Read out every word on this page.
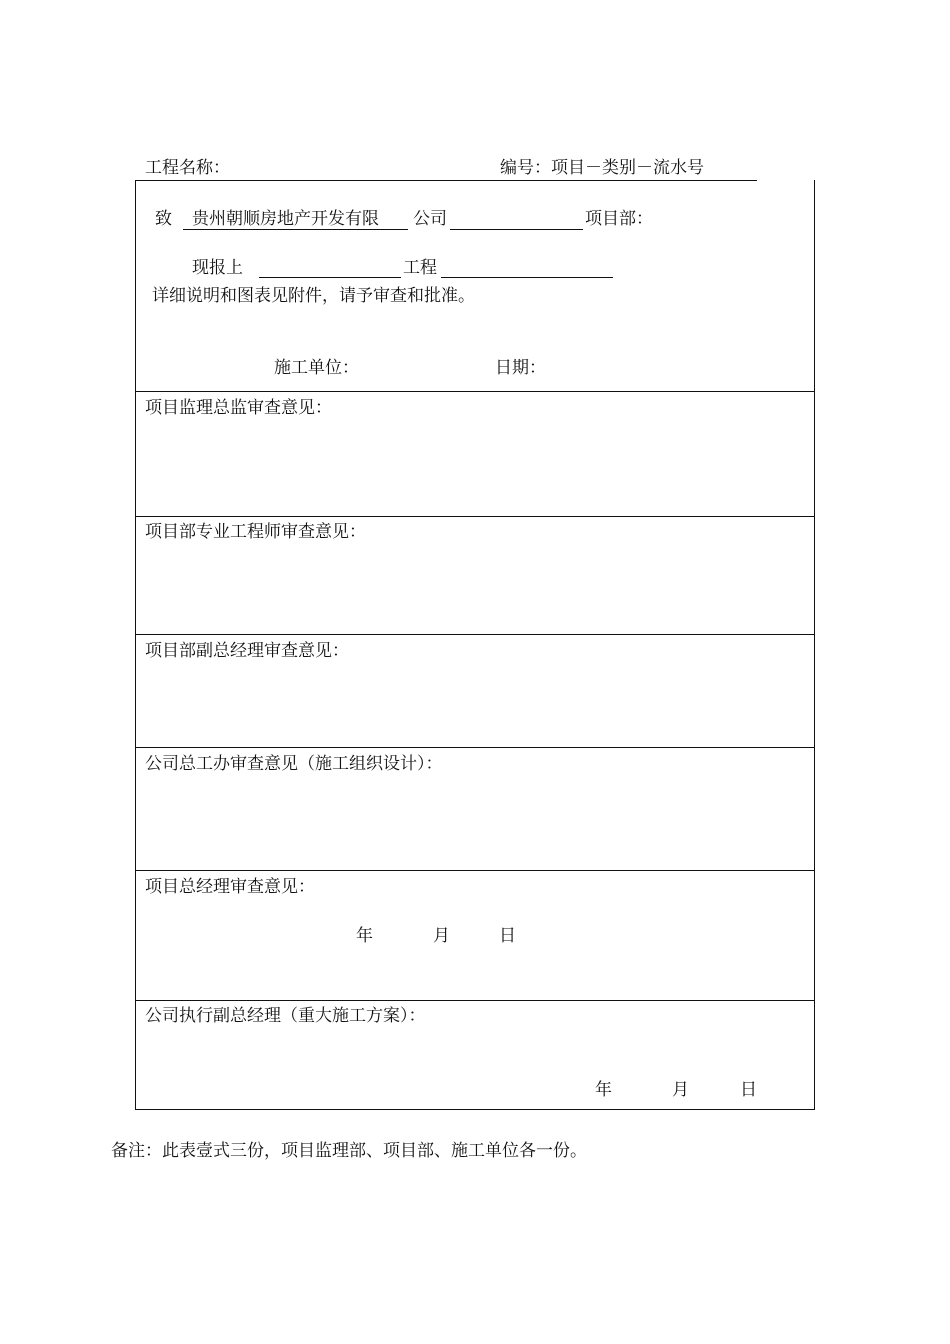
工程名称：	编号：项目－类别－流水号
致 贵州朝顺房地产开发有限 公司	项目部：
现报上	工程
详细说明和图表见附件，请予审查和批准。
施工单位：	日期：
项目监理总监审查意见：
项目部专业工程师审查意见：
项目部副总经理审查意见：
公司总工办审查意见（施工组织设计）：
项目总经理审查意见：
年	月	日
公司执行副总经理（重大施工方案）：
年	月	日
备注：此表壹式三份，项目监理部、项目部、施工单位各一份。
